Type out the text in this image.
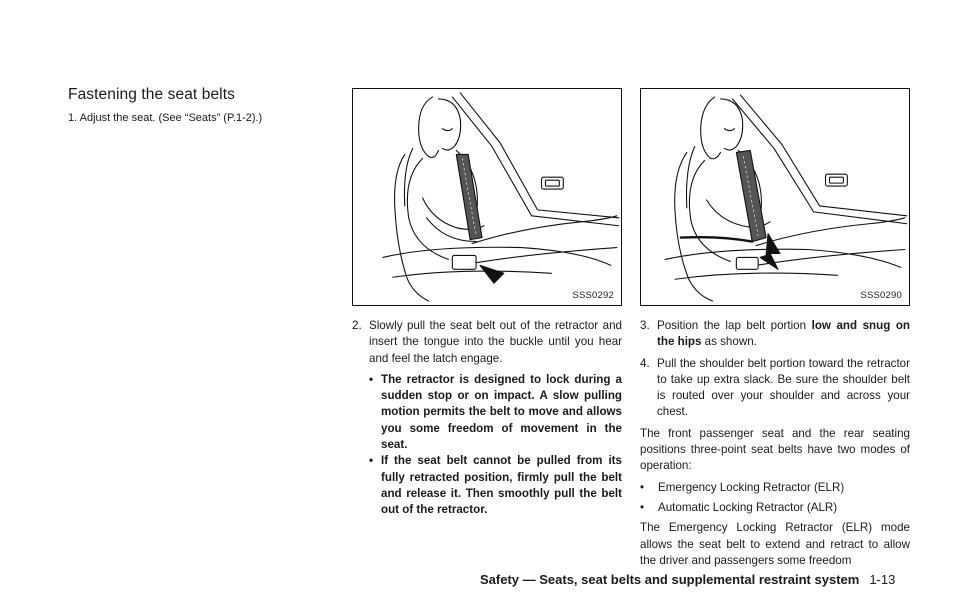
Fastening the seat belts

1. Adjust the seat. (See “Seats” (P.1-2).)

SSS0292
2. Slowly pull the seat belt out of the retractor and insert the tongue into the buckle until you hear and feel the latch engage.
• The retractor is designed to lock during a sudden stop or on impact. A slow pulling motion permits the belt to move and allows you some freedom of movement in the seat.
• If the seat belt cannot be pulled from its fully retracted position, firmly pull the belt and release it. Then smoothly pull the belt out of the retractor.
SSS0290
3. Position the lap belt portion low and snug on the hips as shown.
4. Pull the shoulder belt portion toward the retractor to take up extra slack. Be sure the shoulder belt is routed over your shoulder and across your chest.

The front passenger seat and the rear seating positions three-point seat belts have two modes of operation:

•	Emergency Locking Retractor (ELR)
•	Automatic Locking Retractor (ALR)

The Emergency Locking Retractor (ELR) mode allows the seat belt to extend and retract to allow the driver and passengers some freedom

Safety — Seats, seat belts and supplemental restraint system 1-13
